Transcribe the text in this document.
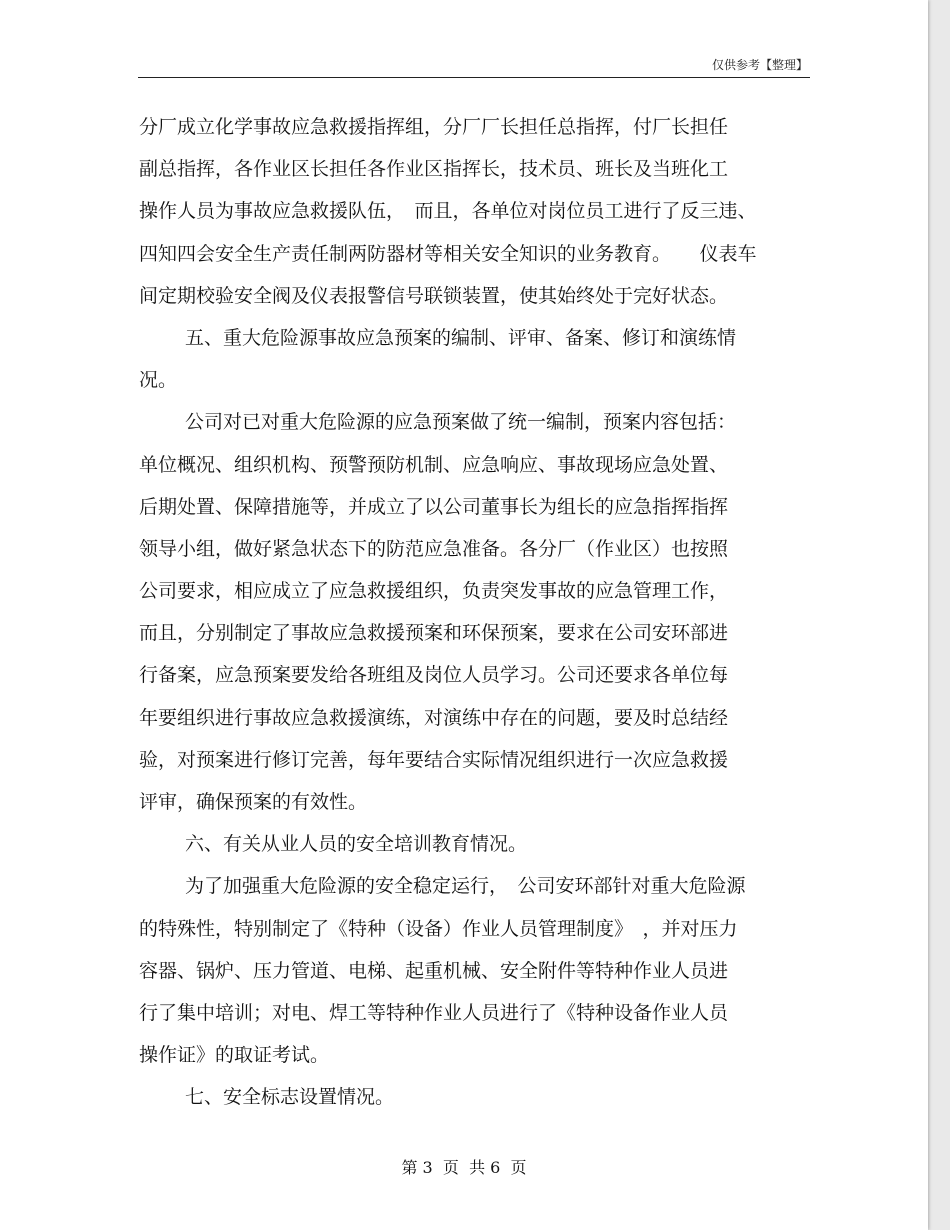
仅供参考【整理】
分厂成立化学事故应急救援指挥组，分厂厂长担任总指挥，付厂长担任
副总指挥，各作业区长担任各作业区指挥长，技术员、班长及当班化工
操作人员为事故应急救援队伍，　而且，各单位对岗位员工进行了反三违、
四知四会安全生产责任制两防器材等相关安全知识的业务教育。　　仪表车
间定期校验安全阀及仪表报警信号联锁装置，使其始终处于完好状态。
五、重大危险源事故应急预案的编制、评审、备案、修订和演练情
况。
公司对已对重大危险源的应急预案做了统一编制，预案内容包括：
单位概况、组织机构、预警预防机制、应急响应、事故现场应急处置、
后期处置、保障措施等，并成立了以公司董事长为组长的应急指挥指挥
领导小组，做好紧急状态下的防范应急准备。各分厂（作业区）也按照
公司要求，相应成立了应急救援组织，负责突发事故的应急管理工作，
而且，分别制定了事故应急救援预案和环保预案，要求在公司安环部进
行备案，应急预案要发给各班组及岗位人员学习。公司还要求各单位每
年要组织进行事故应急救援演练，对演练中存在的问题，要及时总结经
验，对预案进行修订完善，每年要结合实际情况组织进行一次应急救援
评审，确保预案的有效性。
六、有关从业人员的安全培训教育情况。
为了加强重大危险源的安全稳定运行，　公司安环部针对重大危险源
的特殊性，特别制定了《特种（设备）作业人员管理制度》　，并对压力
容器、锅炉、压力管道、电梯、起重机械、安全附件等特种作业人员进
行了集中培训；对电、焊工等特种作业人员进行了《特种设备作业人员
操作证》的取证考试。
七、安全标志设置情况。
第 3  页  共 6  页
